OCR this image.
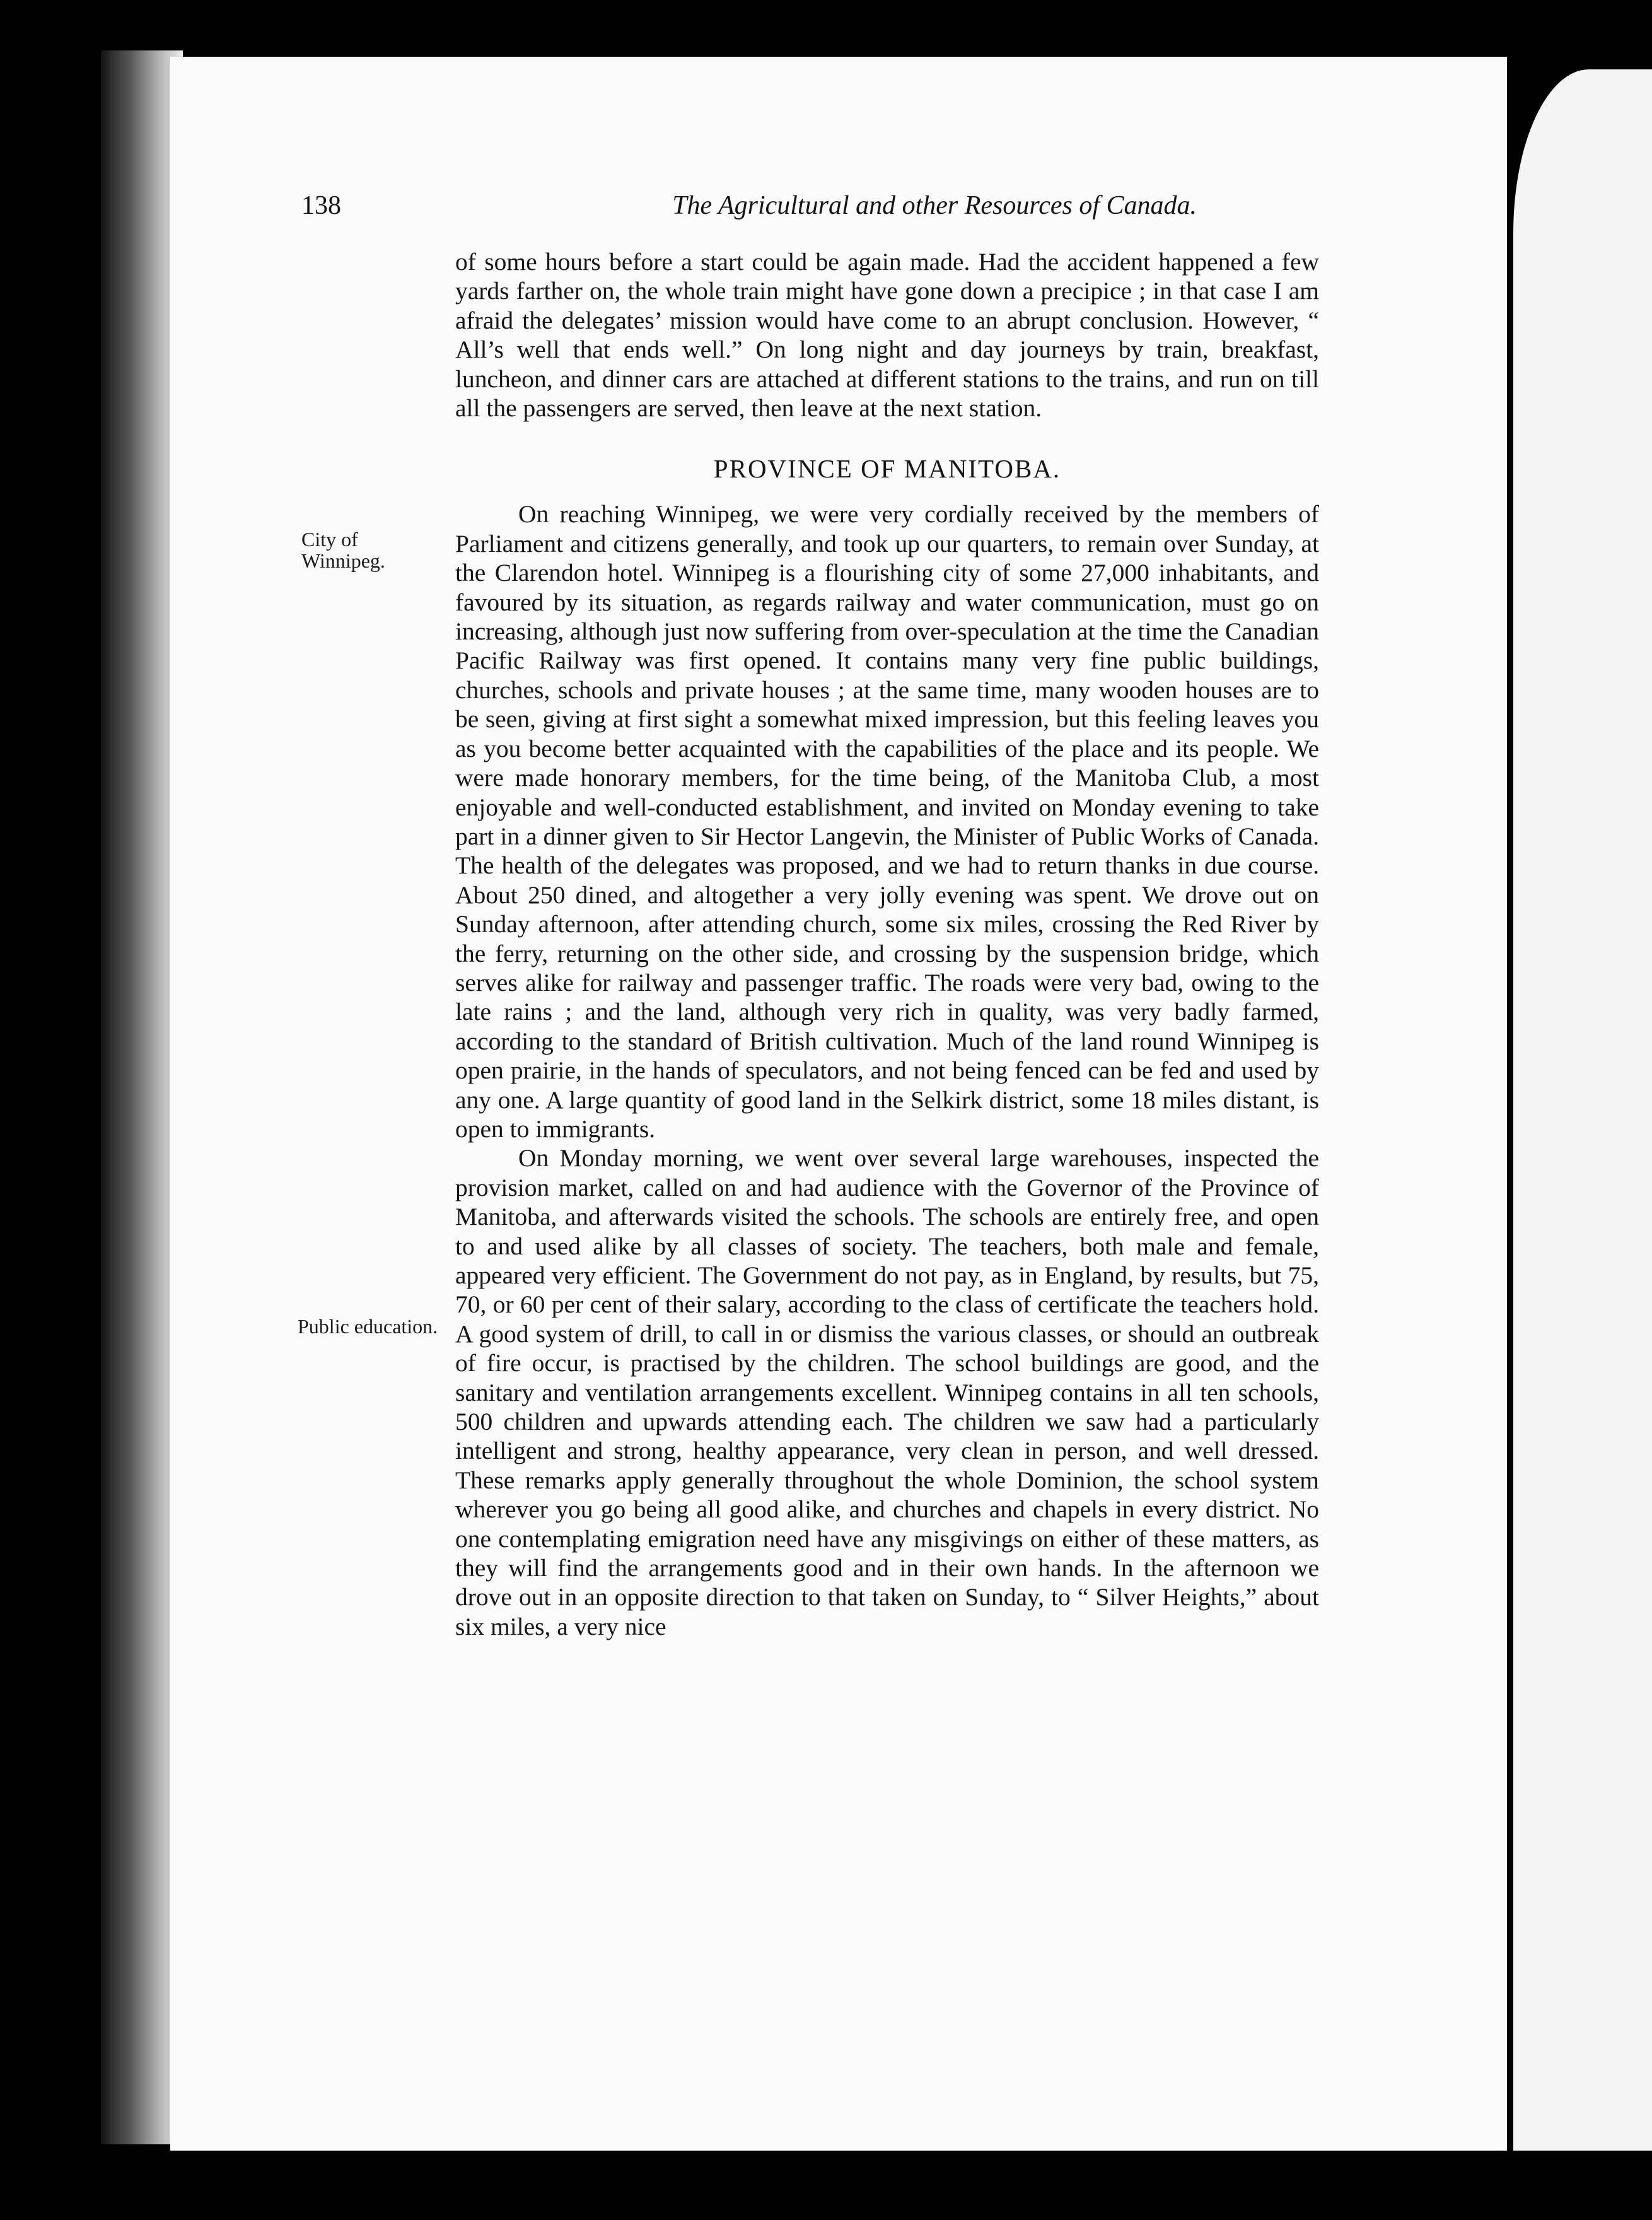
138	The Agricultural and other Resources of Canada.
City of Winnipeg.
Public education.

of some hours before a start could be again made. Had the accident happened a few yards farther on, the whole train might have gone down a precipice ; in that case I am afraid the delegates’ mission would have come to an abrupt conclusion. However, “ All’s well that ends well.” On long night and day journeys by train, breakfast, luncheon, and dinner cars are attached at different stations to the trains, and run on till all the passengers are served, then leave at the next station.

PROVINCE OF MANITOBA.

On reaching Winnipeg, we were very cordially received by the members of Parliament and citizens generally, and took up our quarters, to remain over Sunday, at the Clarendon hotel. Winnipeg is a flourishing city of some 27,000 inhabitants, and favoured by its situation, as regards railway and water communication, must go on increasing, although just now suffering from over-speculation at the time the Canadian Pacific Railway was first opened. It contains many very fine public buildings, churches, schools and private houses ; at the same time, many wooden houses are to be seen, giving at first sight a somewhat mixed impression, but this feeling leaves you as you become better acquainted with the capabilities of the place and its people. We were made honorary members, for the time being, of the Manitoba Club, a most enjoyable and well-conducted establishment, and invited on Monday evening to take part in a dinner given to Sir Hector Langevin, the Minister of Public Works of Canada. The health of the delegates was proposed, and we had to return thanks in due course. About 250 dined, and altogether a very jolly evening was spent. We drove out on Sunday afternoon, after attending church, some six miles, crossing the Red River by the ferry, returning on the other side, and crossing by the suspension bridge, which serves alike for railway and passenger traffic. The roads were very bad, owing to the late rains ; and the land, although very rich in quality, was very badly farmed, according to the standard of British cultivation. Much of the land round Winnipeg is open prairie, in the hands of speculators, and not being fenced can be fed and used by any one. A large quantity of good land in the Selkirk district, some 18 miles distant, is open to immigrants.

On Monday morning, we went over several large warehouses, inspected the provision market, called on and had audience with the Governor of the Province of Manitoba, and afterwards visited the schools. The schools are entirely free, and open to and used alike by all classes of society. The teachers, both male and female, appeared very efficient. The Government do not pay, as in England, by results, but 75, 70, or 60 per cent of their salary, according to the class of certificate the teachers hold. A good system of drill, to call in or dismiss the various classes, or should an outbreak of fire occur, is practised by the children. The school buildings are good, and the sanitary and ventilation arrangements excellent. Winnipeg contains in all ten schools, 500 children and upwards attending each. The children we saw had a particularly intelligent and strong, healthy appearance, very clean in person, and well dressed. These remarks apply generally throughout the whole Dominion, the school system wherever you go being all good alike, and churches and chapels in every district. No one contemplating emigration need have any misgivings on either of these matters, as they will find the arrangements good and in their own hands. In the afternoon we drove out in an opposite direction to that taken on Sunday, to “ Silver Heights,” about six miles, a very nice
